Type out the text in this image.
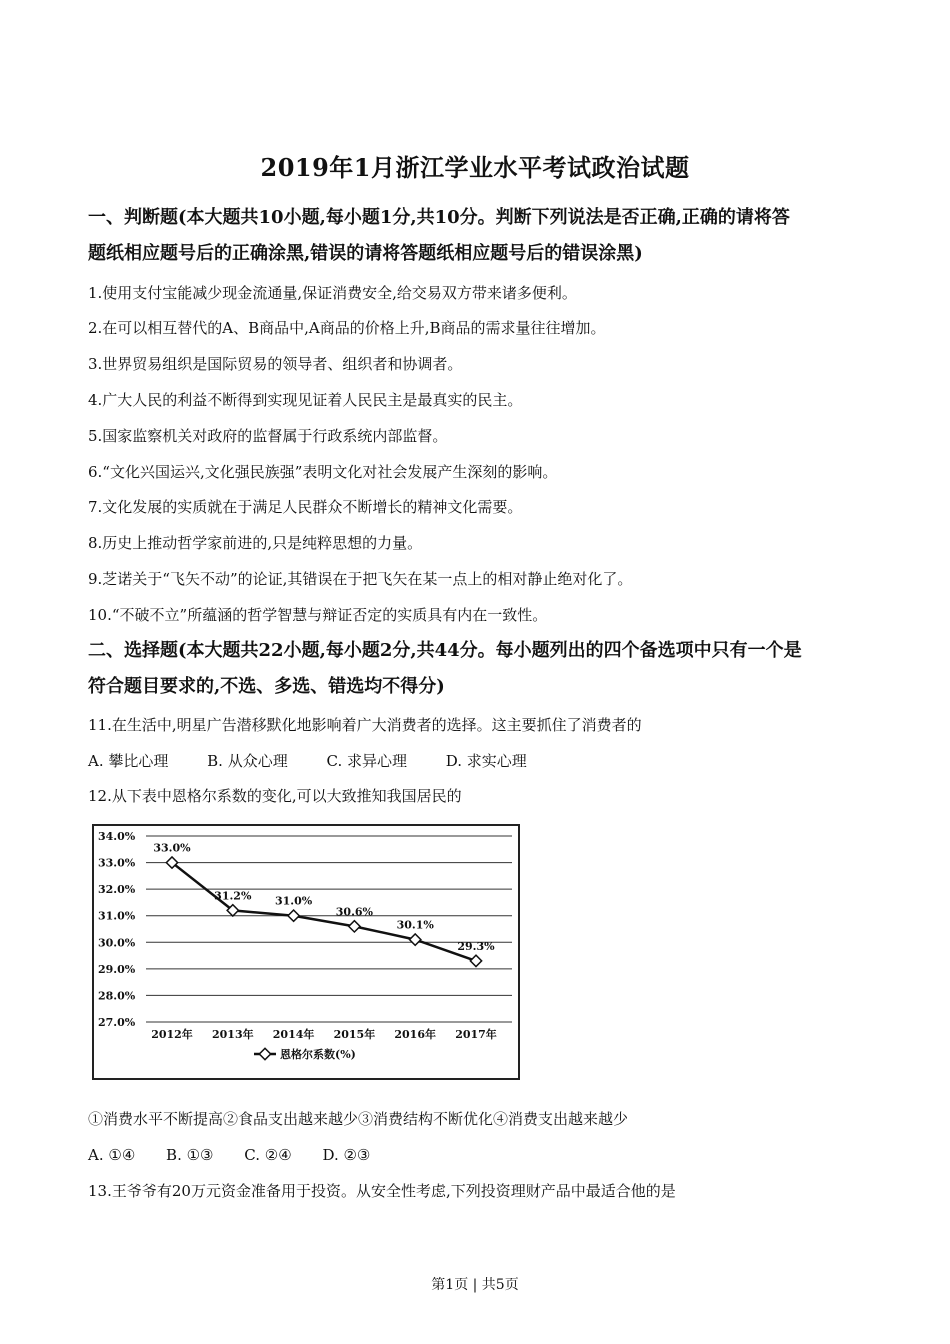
2019年1月浙江学业水平考试政治试题
一、判断题(本大题共10小题,每小题1分,共10分。判断下列说法是否正确,正确的请将答
题纸相应题号后的正确涂黑,错误的请将答题纸相应题号后的错误涂黑)
1.使用支付宝能减少现金流通量,保证消费安全,给交易双方带来诸多便利。
2.在可以相互替代的A、B商品中,A商品的价格上升,B商品的需求量往往增加。
3.世界贸易组织是国际贸易的领导者、组织者和协调者。
4.广大人民的利益不断得到实现见证着人民民主是最真实的民主。
5.国家监察机关对政府的监督属于行政系统内部监督。
6.“文化兴国运兴,文化强民族强”表明文化对社会发展产生深刻的影响。
7.文化发展的实质就在于满足人民群众不断增长的精神文化需要。
8.历史上推动哲学家前进的,只是纯粹思想的力量。
9.芝诺关于“飞矢不动”的论证,其错误在于把飞矢在某一点上的相对静止绝对化了。
10.“不破不立”所蕴涵的哲学智慧与辩证否定的实质具有内在一致性。
二、选择题(本大题共22小题,每小题2分,共44分。每小题列出的四个备选项中只有一个是
符合题目要求的,不选、多选、错选均不得分)
11.在生活中,明星广告潜移默化地影响着广大消费者的选择。这主要抓住了消费者的
A. 攀比心理	B. 从众心理	C. 求异心理	D. 求实心理
12.从下表中恩格尔系数的变化,可以大致推知我国居民的
34.0%
33.0%
32.0%
31.0%
30.0%
29.0%
28.0%
27.0%
2012年 2013年 2014年 2015年 2016年 2017年
33.0%
31.2% 31.0%
30.6%
30.1%
29.3%
恩格尔系数(%)
①消费水平不断提高②食品支出越来越少③消费结构不断优化④消费支出越来越少
A. ①④ B. ①③ C. ②④ D. ②③
13.王爷爷有20万元资金准备用于投资。从安全性考虑,下列投资理财产品中最适合他的是
第1页 | 共5页
